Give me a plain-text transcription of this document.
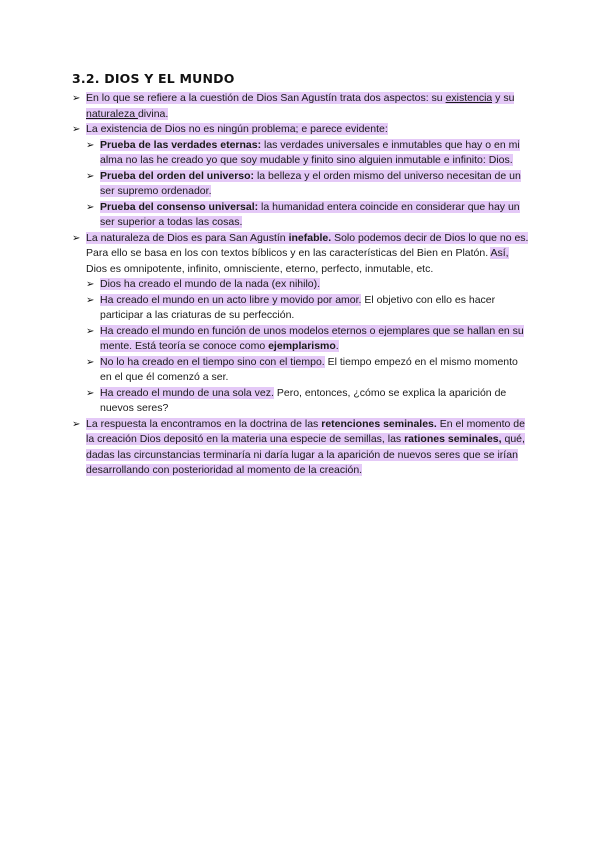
3.2. DIOS Y EL MUNDO
➢ En lo que se refiere a la cuestión de Dios San Agustín trata dos aspectos: su existencia y su naturaleza divina.
➢ La existencia de Dios no es ningún problema; e parece evidente:
➢ Prueba de las verdades eternas: las verdades universales e inmutables que hay o en mi alma no las he creado yo que soy mudable y finito sino alguien inmutable e infinito: Dios.
➢ Prueba del orden del universo: la belleza y el orden mismo del universo necesitan de un ser supremo ordenador.
➢ Prueba del consenso universal: la humanidad entera coincide en considerar que hay un ser superior a todas las cosas.
➢ La naturaleza de Dios es para San Agustín inefable. Solo podemos decir de Dios lo que no es. Para ello se basa en los con textos bíblicos y en las características del Bien en Platón. Así, Dios es omnipotente, infinito, omnisciente, eterno, perfecto, inmutable, etc.
➢ Dios ha creado el mundo de la nada (ex nihilo).
➢ Ha creado el mundo en un acto libre y movido por amor. El objetivo con ello es hacer participar a las criaturas de su perfección.
➢ Ha creado el mundo en función de unos modelos eternos o ejemplares que se hallan en su mente. Está teoría se conoce como ejemplarismo.
➢ No lo ha creado en el tiempo sino con el tiempo. El tiempo empezó en el mismo momento en el que él comenzó a ser.
➢ Ha creado el mundo de una sola vez. Pero, entonces, ¿cómo se explica la aparición de nuevos seres?
➢ La respuesta la encontramos en la doctrina de las retenciones seminales. En el momento de la creación Dios depositó en la materia una especie de semillas, las rationes seminales, qué, dadas las circunstancias terminaría ni daría lugar a la aparición de nuevos seres que se irían desarrollando con posterioridad al momento de la creación.
